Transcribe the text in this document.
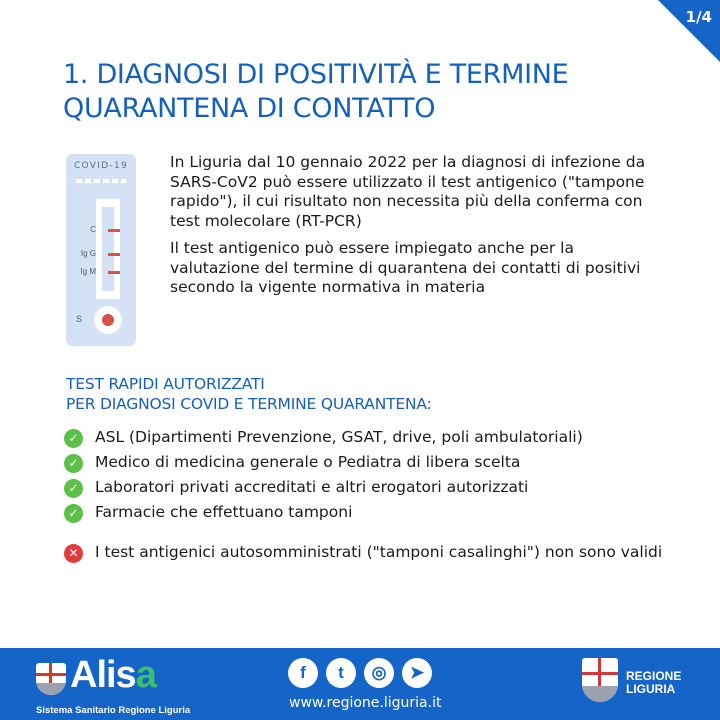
1/4
1. DIAGNOSI DI POSITIVITÀ E TERMINE QUARANTENA DI CONTATTO
COVID-19
C
Ig G
Ig M
S

In Liguria dal 10 gennaio 2022 per la diagnosi di infezione da SARS-CoV2 può essere utilizzato il test antigenico ("tampone rapido"), il cui risultato non necessita più della conferma con test molecolare (RT-PCR)

Il test antigenico può essere impiegato anche per la valutazione del termine di quarantena dei contatti di positivi secondo la vigente normativa in materia

TEST RAPIDI AUTORIZZATI
PER DIAGNOSI COVID E TERMINE QUARANTENA:
✓ ASL (Dipartimenti Prevenzione, GSAT, drive, poli ambulatoriali)
✓ Medico di medicina generale o Pediatra di libera scelta
✓ Laboratori privati accreditati e altri erogatori autorizzati
✓ Farmacie che effettuano tamponi
✕ I test antigenici autosomministrati ("tamponi casalinghi") non sono validi
Alisa
Sistema Sanitario Regione Liguria
f	t	◎	➤
www.regione.liguria.it
REGIONE
LIGURIA
